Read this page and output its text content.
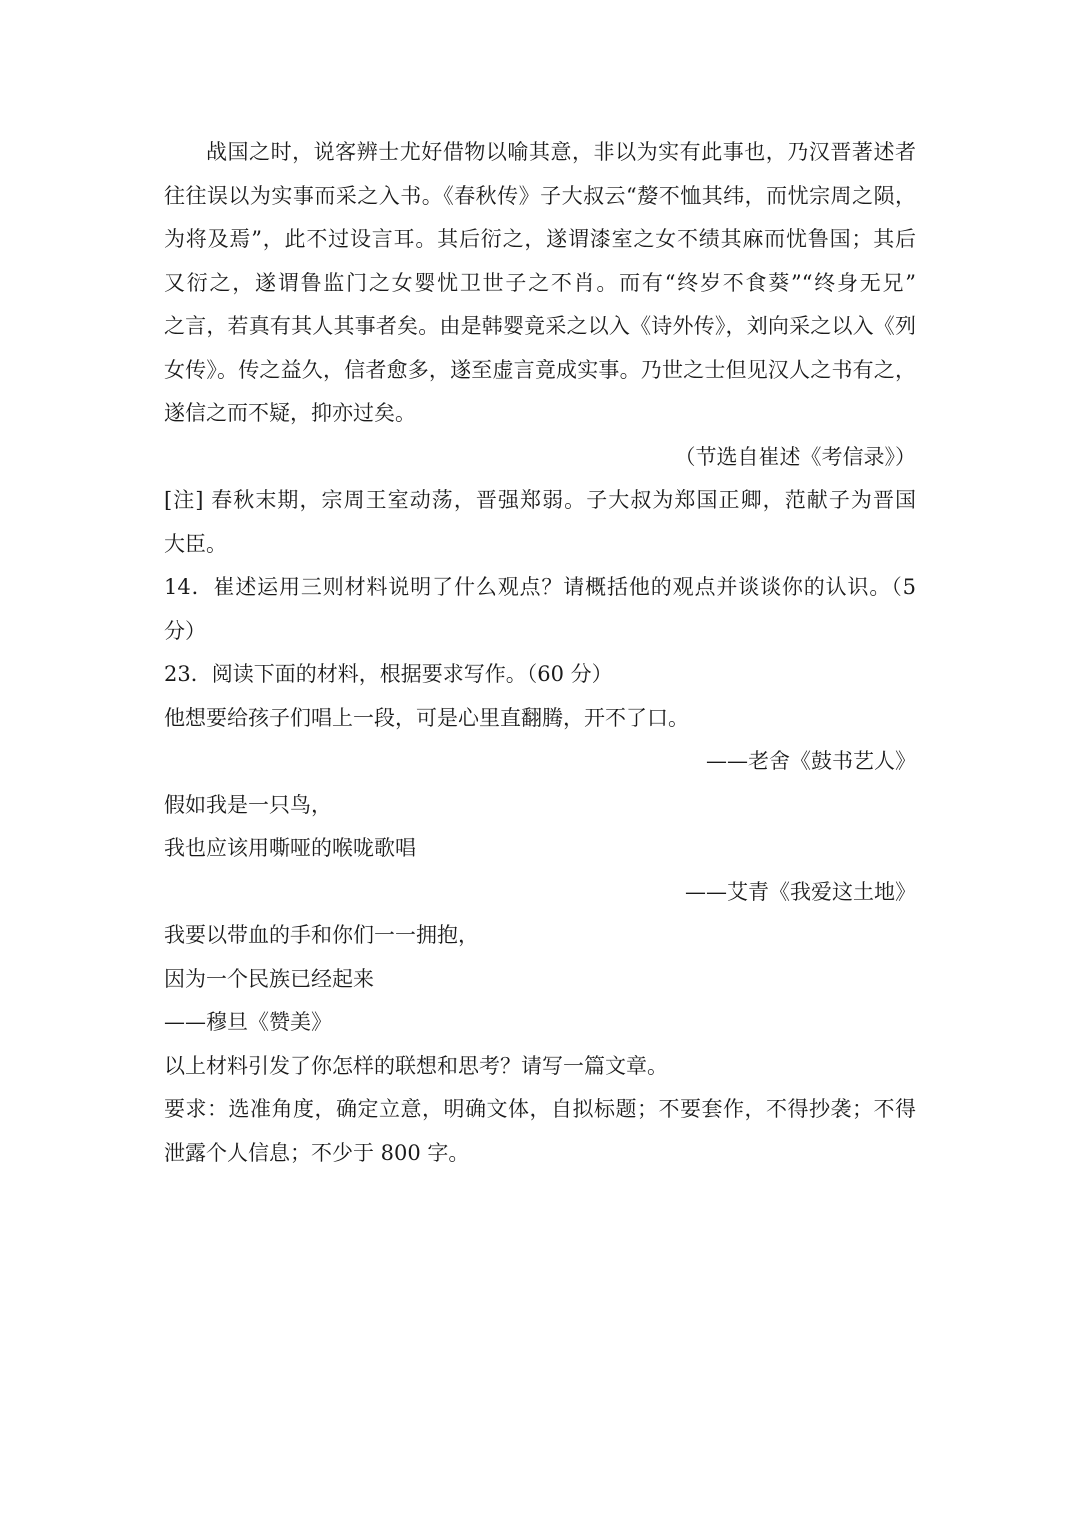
战国之时，说客辨士尤好借物以喻其意，非以为实有此事也，乃汉晋著述者
往往误以为实事而采之入书。《春秋传》子大叔云“嫠不恤其纬，而忧宗周之陨，
为将及焉”，此不过设言耳。其后衍之，遂谓漆室之女不绩其麻而忧鲁国；其后
又衍之，遂谓鲁监门之女婴忧卫世子之不肖。而有“终岁不食葵”“终身无兄”
之言，若真有其人其事者矣。由是韩婴竟采之以入《诗外传》，刘向采之以入《列
女传》。传之益久，信者愈多，遂至虚言竟成实事。乃世之士但见汉人之书有之，
遂信之而不疑，抑亦过矣。
（节选自崔述《考信录》）
[注] 春秋末期，宗周王室动荡，晋强郑弱。子大叔为郑国正卿，范献子为晋国
大臣。
14．崔述运用三则材料说明了什么观点？请概括他的观点并谈谈你的认识。（5
分）
23．阅读下面的材料，根据要求写作。（60 分）
他想要给孩子们唱上一段，可是心里直翻腾，开不了口。
——老舍《鼓书艺人》
假如我是一只鸟，
我也应该用嘶哑的喉咙歌唱
——艾青《我爱这土地》
我要以带血的手和你们一一拥抱，
因为一个民族已经起来
——穆旦《赞美》
以上材料引发了你怎样的联想和思考？请写一篇文章。
要求：选准角度，确定立意，明确文体，自拟标题；不要套作，不得抄袭；不得
泄露个人信息；不少于 800 字。
